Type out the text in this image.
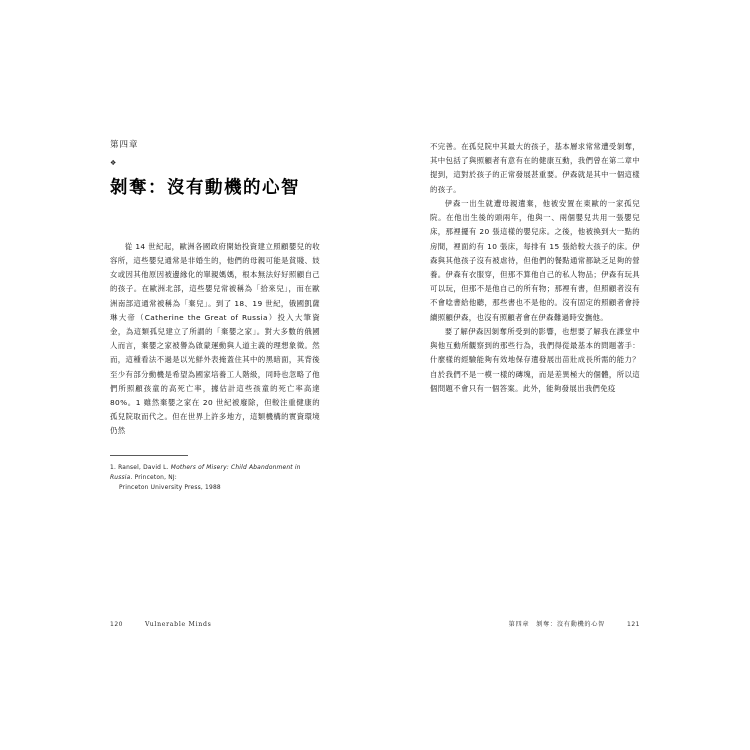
第四章
❖
剝奪：沒有動機的心智

從 14 世紀起，歐洲各國政府開始投資建立照顧嬰兒的收容所，這些嬰兒通常是非婚生的，他們的母親可能是貧賤、妓女或因其他原因被邊緣化的單親媽媽，根本無法好好照顧自己的孩子。在歐洲北部，這些嬰兒常被稱為「拾來兒」，而在歐洲南部這通常被稱為「棄兒」。到了 18、19 世紀，俄國凱薩琳大帝（Catherine the Great of Russia）投入大筆資金，為這類孤兒建立了所謂的「棄嬰之家」。對大多數的俄國人而言，棄嬰之家被譽為啟蒙運動與人道主義的理想象徵。然而，這種看法不過是以光鮮外表掩蓋住其中的黑暗面，其背後至少有部分動機是希望為國家培養工人階級，同時也忽略了他們所照顧孩童的高死亡率，據估計這些孩童的死亡率高達 80%。1 雖然棄嬰之家在 20 世紀被廢除，但較注重健康的孤兒院取而代之。但在世界上許多地方，這類機構的實資環境仍然

1. Ransel, David L. Mothers of Misery: Child Abandonment in Russia. Princeton, NJ:
Princeton University Press, 1988
120	Vulnerable Minds

不完善。在孤兒院中其最大的孩子，基本層求常常遭受剝奪，其中包括了與照顧者有意有在的健康互動，我們曾在第二章中提到，這對於孩子的正常發展甚重要。伊森就是其中一個這樣的孩子。

伊森一出生就遭母親遺棄，他被安置在東歐的一家孤兒院。在他出生後的頭兩年，他與一、兩個嬰兒共用一張嬰兒床，那裡擺有 20 張這樣的嬰兒床。之後，他被換到大一點的房間，裡面約有 10 張床，每排有 15 張給較大孩子的床。伊森與其他孩子沒有被虐待，但他們的餐點通常都缺乏足夠的營養。伊森有衣服穿，但那不算他自己的私人物品；伊森有玩具可以玩，但那不是他自己的所有物；那裡有書，但照顧者沒有不會唸書給他聽，那些書也不是他的。沒有固定的照顧者會持續照顧伊森，也沒有照顧者會在伊森難過時安撫他。

要了解伊森因剝奪所受到的影響，也想要了解我在課堂中與他互動所觀察到的那些行為，我們得從最基本的問題著手：什麼樣的經驗能夠有效地保存遺發展出苗壯成長所需的能力？自於我們不是一模一樣的磚塊，而是差異極大的個體，所以這個問題不會只有一個答案。此外，能夠發展出我們免疫

第四章　剝奪：沒有動機的心智	121
